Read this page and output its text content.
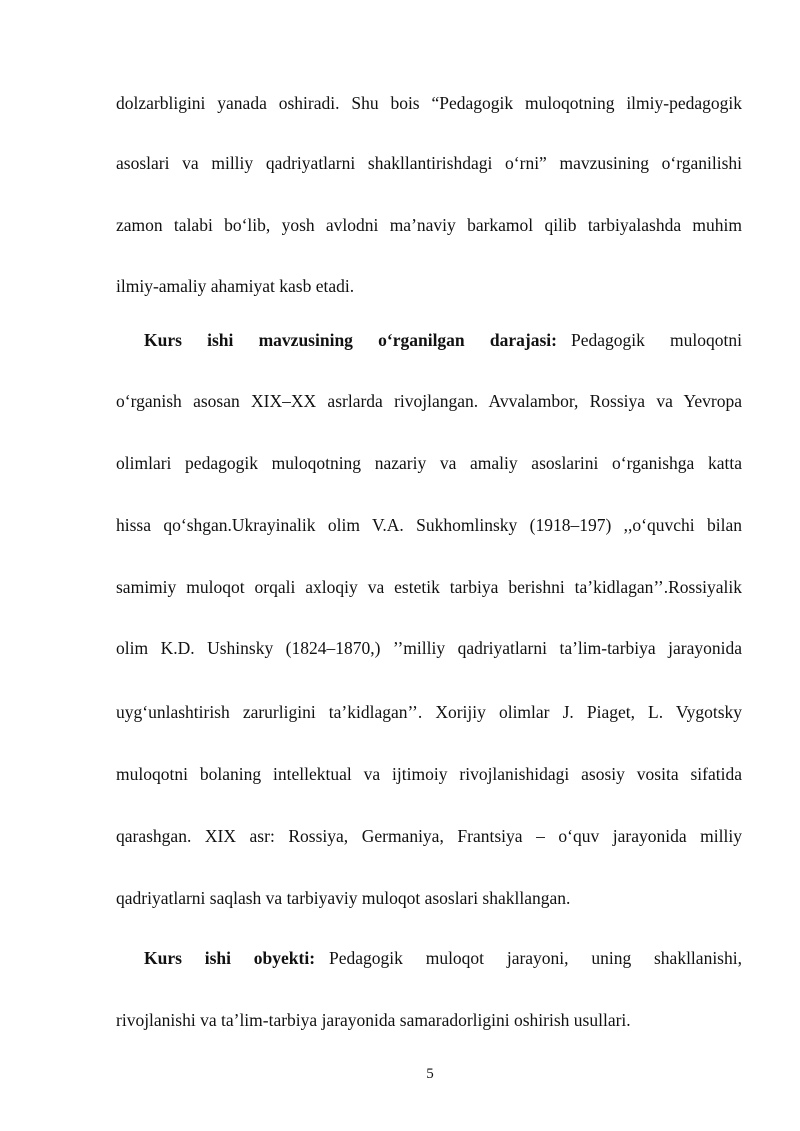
dolzarbligini yanada oshiradi. Shu bois “Pedagogik muloqotning ilmiy-pedagogik
asoslari va milliy qadriyatlarni shakllantirishdagi o‘rni” mavzusining o‘rganilishi
zamon talabi bo‘lib, yosh avlodni ma’naviy barkamol qilib tarbiyalashda muhim
ilmiy-amaliy ahamiyat kasb etadi.
Kurs ishi mavzusining o‘rganilgan darajasi: Pedagogik muloqotni
o‘rganish asosan XIX–XX asrlarda rivojlangan. Avvalambor, Rossiya va Yevropa
olimlari pedagogik muloqotning nazariy va amaliy asoslarini o‘rganishga katta
hissa qo‘shgan.Ukrayinalik olim V.A. Sukhomlinsky (1918–197) ,,o‘quvchi bilan
samimiy muloqot orqali axloqiy va estetik tarbiya berishni ta’kidlagan’’.Rossiyalik
olim K.D. Ushinsky (1824–1870,) ’’milliy qadriyatlarni ta’lim-tarbiya jarayonida
uyg‘unlashtirish zarurligini ta’kidlagan’’. Xorijiy olimlar J. Piaget, L. Vygotsky
muloqotni bolaning intellektual va ijtimoiy rivojlanishidagi asosiy vosita sifatida
qarashgan. XIX asr: Rossiya, Germaniya, Frantsiya – o‘quv jarayonida milliy
qadriyatlarni saqlash va tarbiyaviy muloqot asoslari shakllangan.
Kurs ishi obyekti: Pedagogik muloqot jarayoni, uning shakllanishi,
rivojlanishi va ta’lim-tarbiya jarayonida samaradorligini oshirish usullari.
5
